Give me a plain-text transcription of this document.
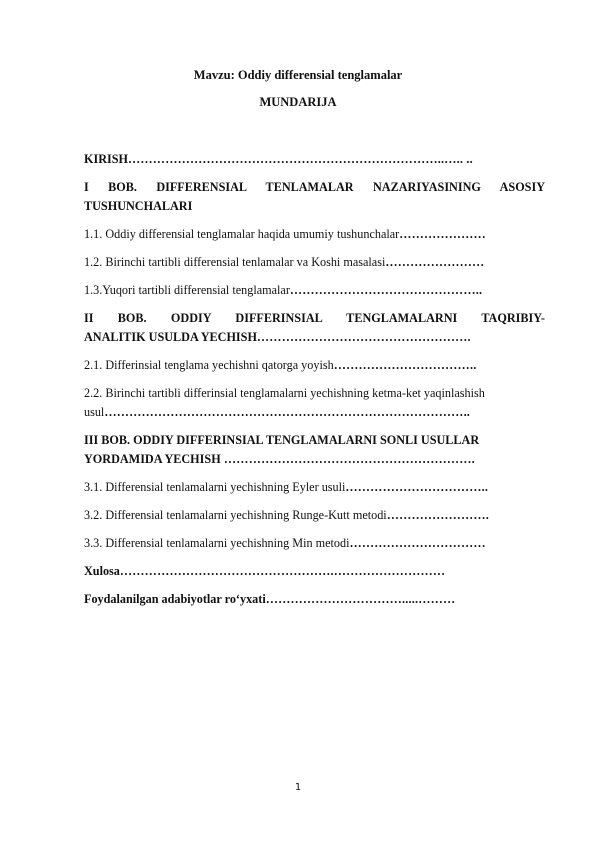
Mavzu: Oddiy differensial tenglamalar
MUNDARIJA
KIRISH…………………………………………………………………..….. ..
I BOB. DIFFERENSIAL TENLAMALAR NAZARIYASINING ASOSIY
TUSHUNCHALARI
1.1. Oddiy differensial tenglamalar haqida umumiy tushunchalar…………………
1.2. Birinchi tartibli differensial tenlamalar va Koshi masalasi……………………
1.3.Yuqori tartibli differensial tenglamalar………………………………………..
II BOB. ODDIY DIFFERINSIAL TENGLAMALARNI TAQRIBIY-
ANALITIK USULDA YECHISH…………………………………………….
2.1. Differinsial tenglama yechishni qatorga yoyish……………………………..
2.2. Birinchi tartibli differinsial tenglamalarni yechishning ketma-ket yaqinlashish
usul……………………………………………………………………………..
III BOB. ODDIY DIFFERINSIAL TENGLAMALARNI SONLI USULLAR
YORDAMIDA YECHISH …………………………………………………….
3.1. Differensial tenlamalarni yechishning Eyler usuli……………………………..
3.2. Differensial tenlamalarni yechishning Runge-Kutt metodi…………………….
3.3. Differensial tenlamalarni yechishning Min metodi……………………………
Xulosa…………………………………………….………………………
Foydalanilgan adabiyotlar ro‘yxati…………………………….....………
1
